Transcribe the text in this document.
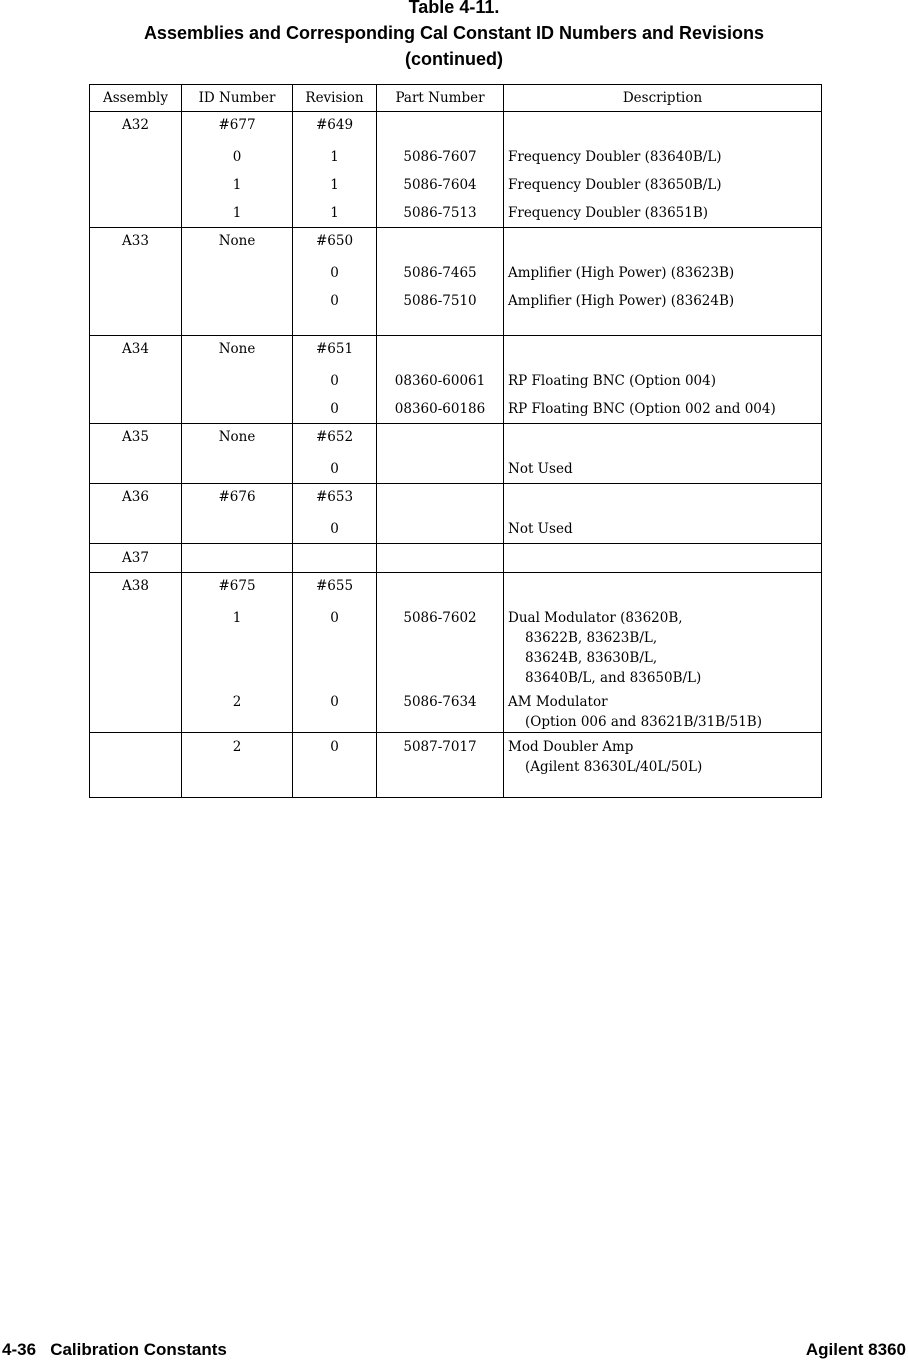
Table 4-11.
Assemblies and Corresponding Cal Constant ID Numbers and Revisions
(continued)
Assembly	ID Number	Revision	Part Number	Description
A32	#677	#649		
	0	1	5086-7607	Frequency Doubler (83640B/L)
	1	1	5086-7604	Frequency Doubler (83650B/L)
	1	1	5086-7513	Frequency Doubler (83651B)
A33	None	#650		
		0	5086-7465	Amplifier (High Power) (83623B)
		0	5086-7510	Amplifier (High Power) (83624B)

A34	None	#651		
		0	08360-60061	RP Floating BNC (Option 004)
		0	08360-60186	RP Floating BNC (Option 002 and 004)
A35	None	#652		
		0		Not Used
A36	#676	#653		
		0		Not Used
A37				
A38	#675	#655		
	1	0	5086-7602	Dual Modulator (83620B,
83622B, 83623B/L,
83624B, 83630B/L,
83640B/L, and 83650B/L)

	2	0	5086-7634	AM Modulator
(Option 006 and 83621B/31B/51B)

	2	0	5087-7017	Mod Doubler Amp
(Agilent 83630L/40L/50L)
4-36   Calibration Constants	Agilent 8360
